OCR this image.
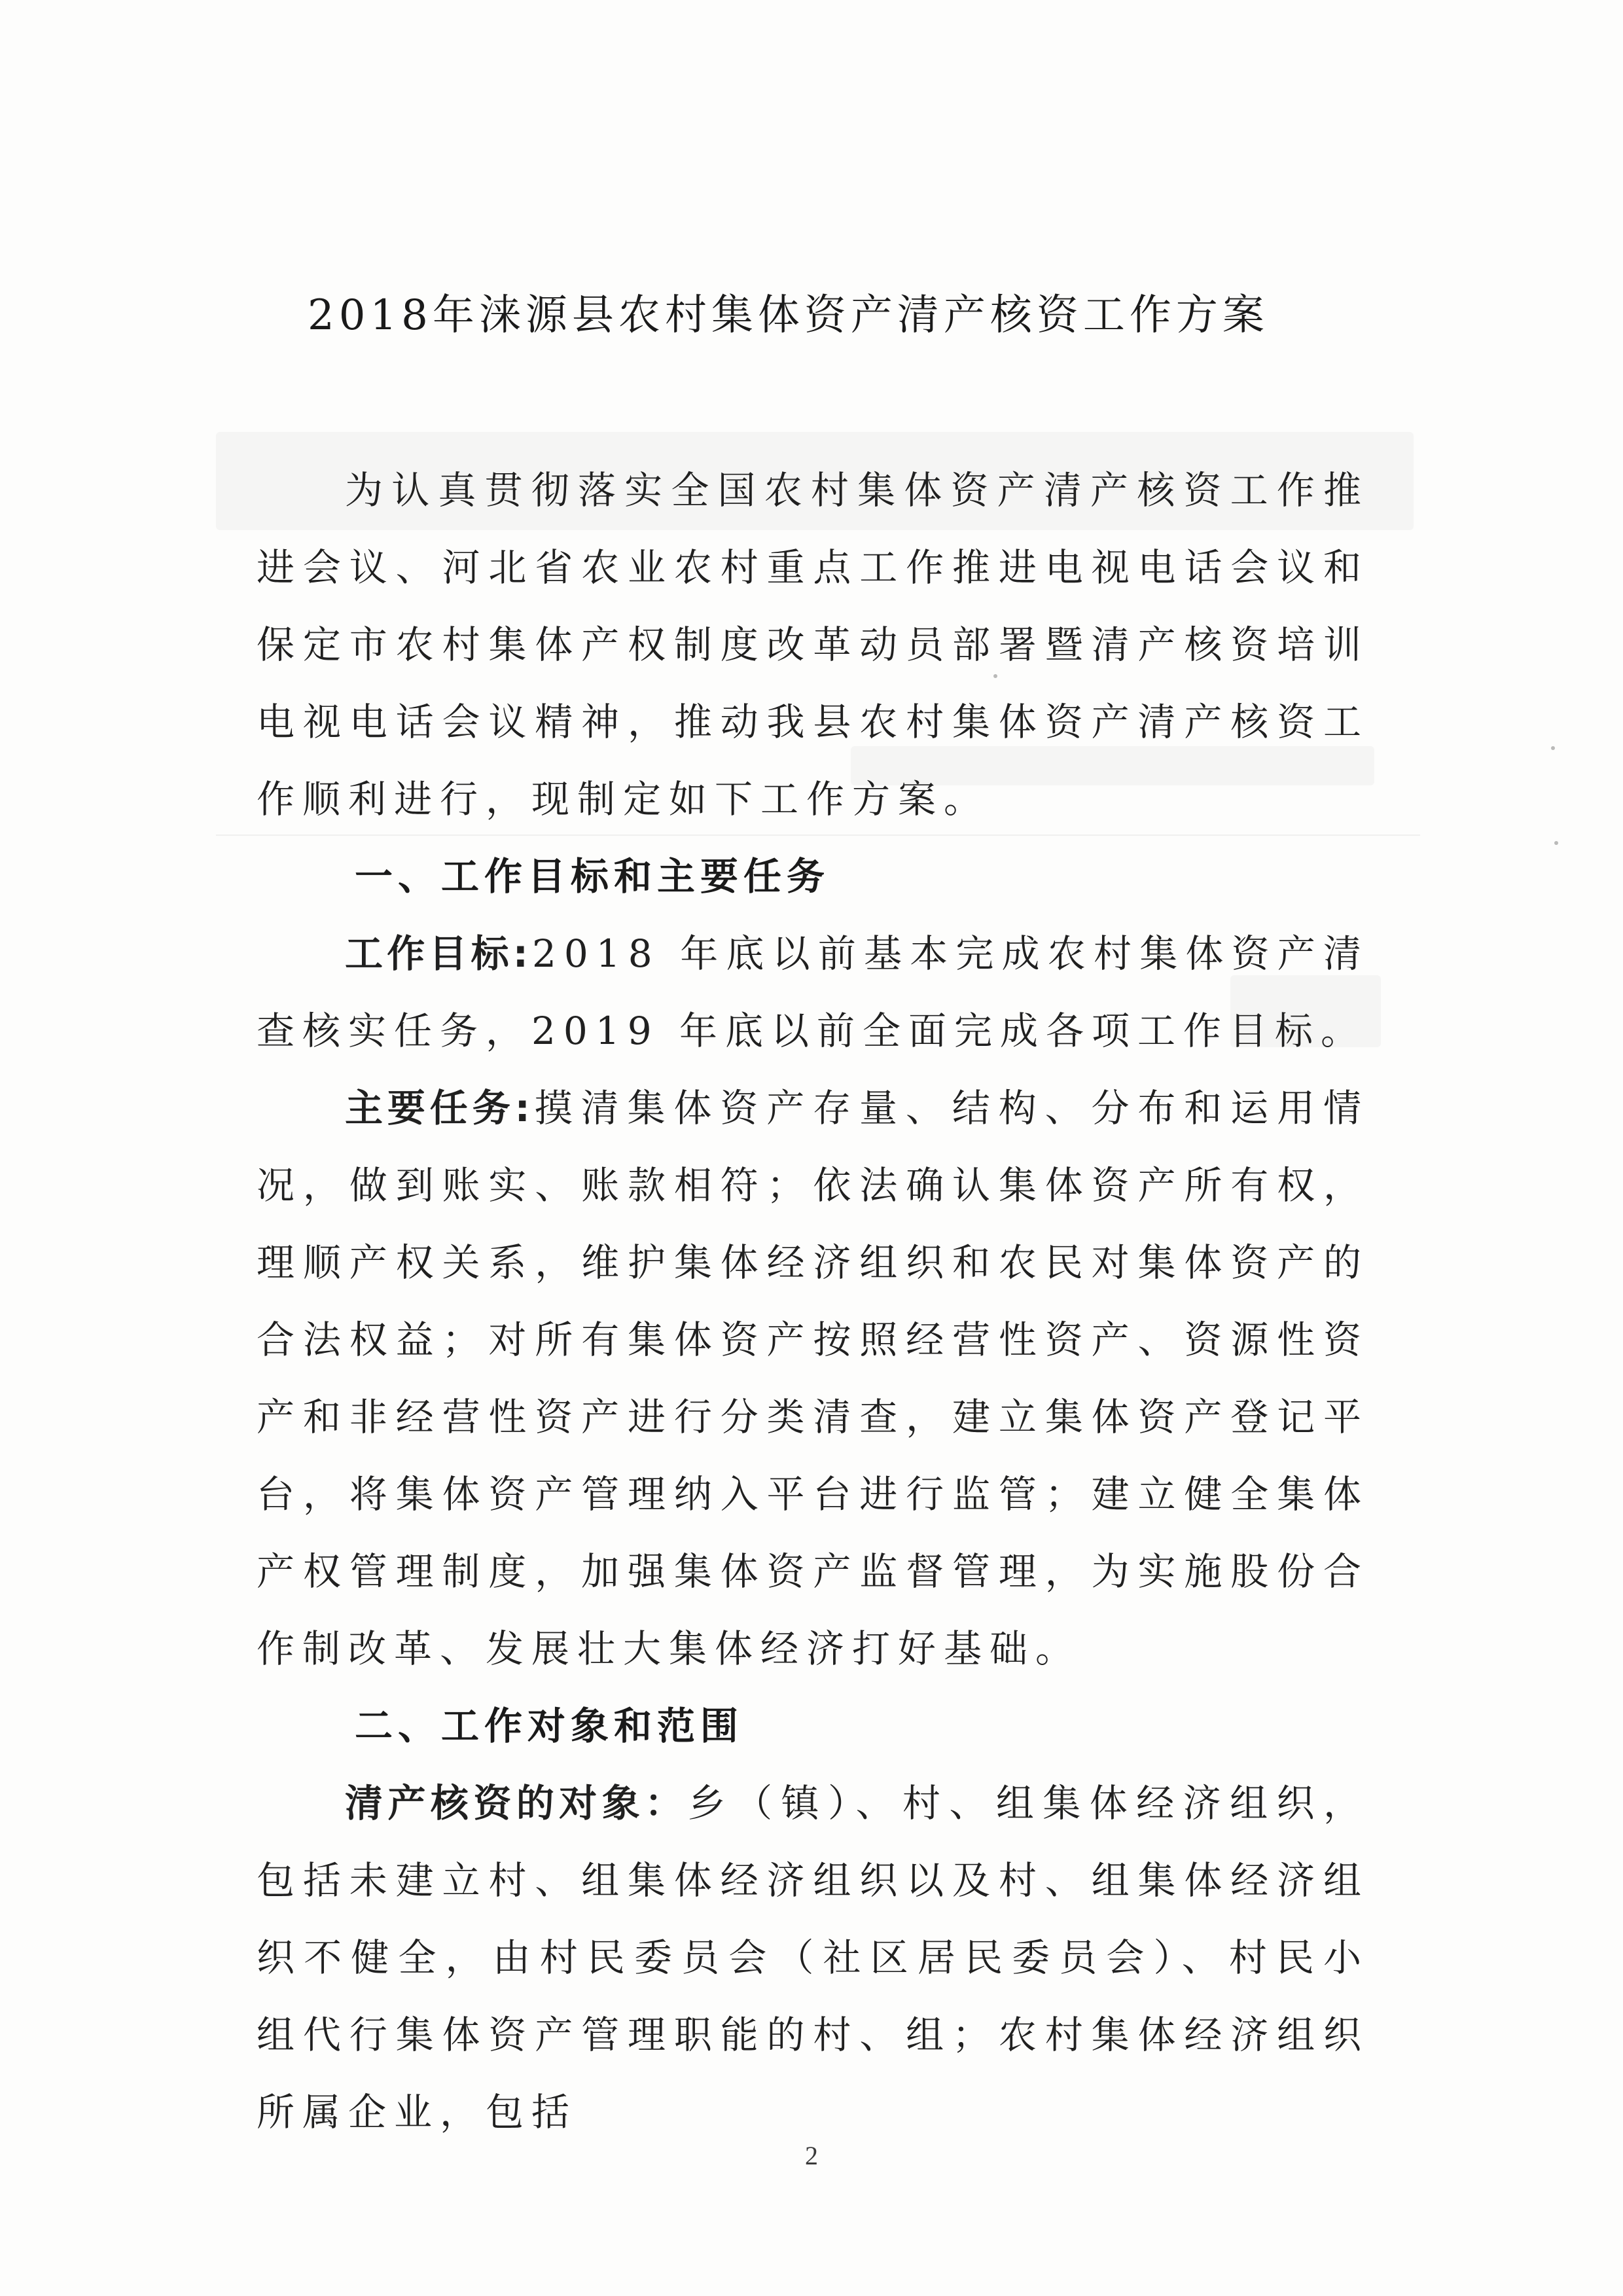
2018年涞源县农村集体资产清产核资工作方案

为认真贯彻落实全国农村集体资产清产核资工作推进会议、河北省农业农村重点工作推进电视电话会议和保定市农村集体产权制度改革动员部署暨清产核资培训电视电话会议精神，推动我县农村集体资产清产核资工作顺利进行，现制定如下工作方案。

一、工作目标和主要任务

工作目标:2018 年底以前基本完成农村集体资产清查核实任务，2019 年底以前全面完成各项工作目标。

主要任务:摸清集体资产存量、结构、分布和运用情况，做到账实、账款相符；依法确认集体资产所有权，理顺产权关系，维护集体经济组织和农民对集体资产的合法权益；对所有集体资产按照经营性资产、资源性资产和非经营性资产进行分类清查，建立集体资产登记平台，将集体资产管理纳入平台进行监管；建立健全集体产权管理制度，加强集体资产监督管理，为实施股份合作制改革、发展壮大集体经济打好基础。

二、工作对象和范围

清产核资的对象：乡（镇）、村、组集体经济组织，包括未建立村、组集体经济组织以及村、组集体经济组织不健全，由村民委员会（社区居民委员会）、村民小组代行集体资产管理职能的村、组；农村集体经济组织所属企业，包括

2
